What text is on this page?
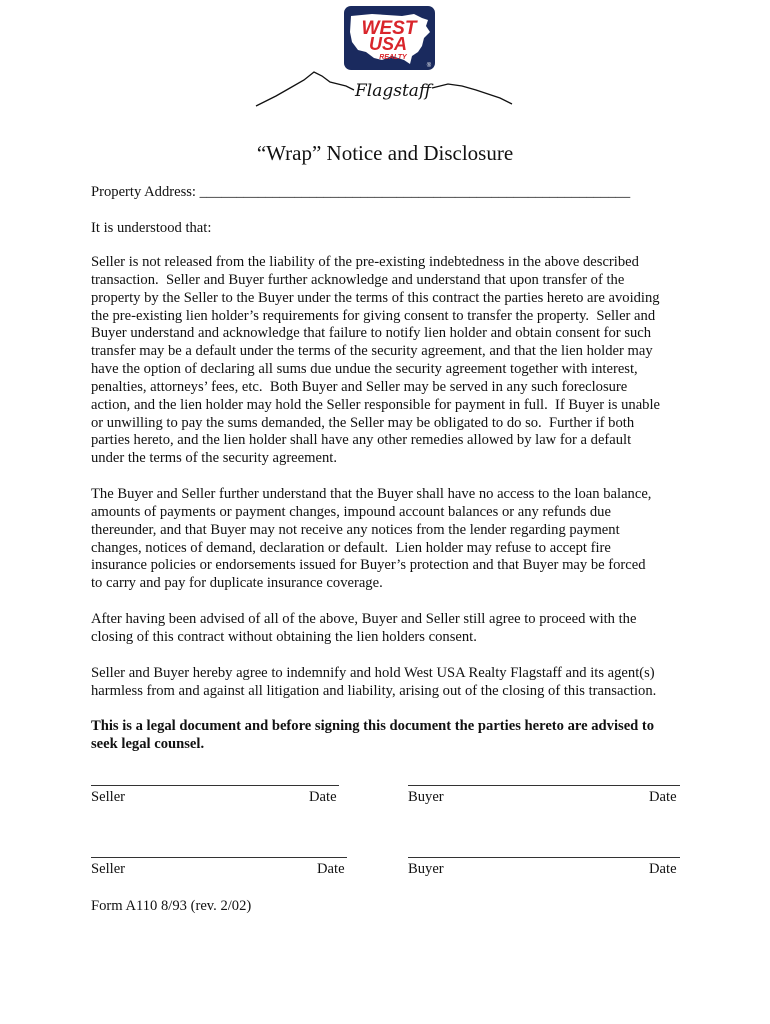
WEST
USA
REALTY
®
Flagstaff
“Wrap” Notice and Disclosure
Property Address: ___________________________________________________________
It is understood that:
Seller is not released from the liability of the pre-existing indebtedness in the above described
transaction.  Seller and Buyer further acknowledge and understand that upon transfer of the
property by the Seller to the Buyer under the terms of this contract the parties hereto are avoiding
the pre-existing lien holder’s requirements for giving consent to transfer the property.  Seller and
Buyer understand and acknowledge that failure to notify lien holder and obtain consent for such
transfer may be a default under the terms of the security agreement, and that the lien holder may
have the option of declaring all sums due undue the security agreement together with interest,
penalties, attorneys’ fees, etc.  Both Buyer and Seller may be served in any such foreclosure
action, and the lien holder may hold the Seller responsible for payment in full.  If Buyer is unable
or unwilling to pay the sums demanded, the Seller may be obligated to do so.  Further if both
parties hereto, and the lien holder shall have any other remedies allowed by law for a default
under the terms of the security agreement.
The Buyer and Seller further understand that the Buyer shall have no access to the loan balance,
amounts of payments or payment changes, impound account balances or any refunds due
thereunder, and that Buyer may not receive any notices from the lender regarding payment
changes, notices of demand, declaration or default.  Lien holder may refuse to accept fire
insurance policies or endorsements issued for Buyer’s protection and that Buyer may be forced
to carry and pay for duplicate insurance coverage.
After having been advised of all of the above, Buyer and Seller still agree to proceed with the
closing of this contract without obtaining the lien holders consent.
Seller and Buyer hereby agree to indemnify and hold West USA Realty Flagstaff and its agent(s)
harmless from and against all litigation and liability, arising out of the closing of this transaction.
This is a legal document and before signing this document the parties hereto are advised to
seek legal counsel.
Seller	Date	Buyer	Date
Seller	Date	Buyer	Date
Form A110 8/93 (rev. 2/02)
